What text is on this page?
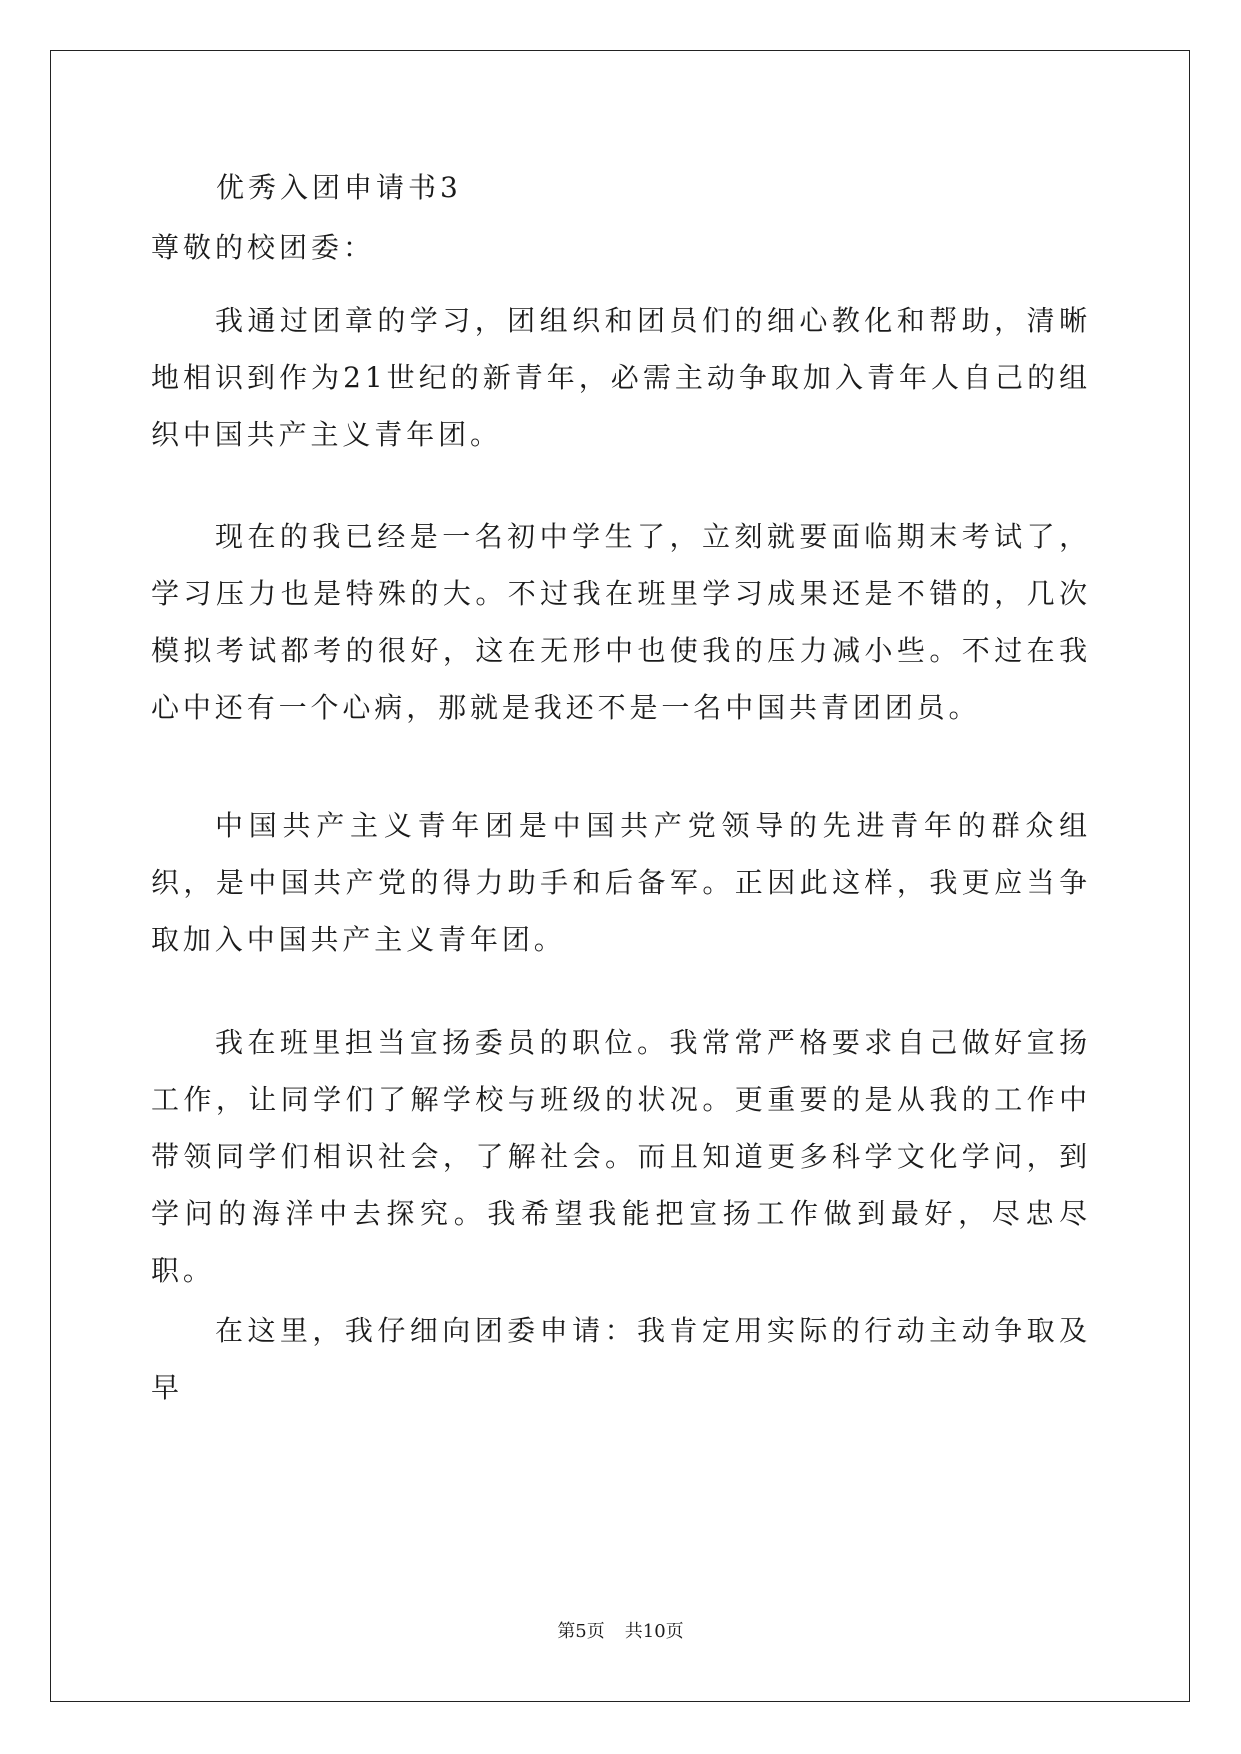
优秀入团申请书3

尊敬的校团委：

我通过团章的学习，团组织和团员们的细心教化和帮助，清晰地相识到作为21世纪的新青年，必需主动争取加入青年人自己的组织中国共产主义青年团。

现在的我已经是一名初中学生了，立刻就要面临期末考试了，学习压力也是特殊的大。不过我在班里学习成果还是不错的，几次模拟考试都考的很好，这在无形中也使我的压力减小些。不过在我心中还有一个心病，那就是我还不是一名中国共青团团员。

中国共产主义青年团是中国共产党领导的先进青年的群众组织，是中国共产党的得力助手和后备军。正因此这样，我更应当争取加入中国共产主义青年团。

我在班里担当宣扬委员的职位。我常常严格要求自己做好宣扬工作，让同学们了解学校与班级的状况。更重要的是从我的工作中带领同学们相识社会，了解社会。而且知道更多科学文化学问，到学问的海洋中去探究。我希望我能把宣扬工作做到最好，尽忠尽职。

在这里，我仔细向团委申请：我肯定用实际的行动主动争取及早

第5页 共10页
